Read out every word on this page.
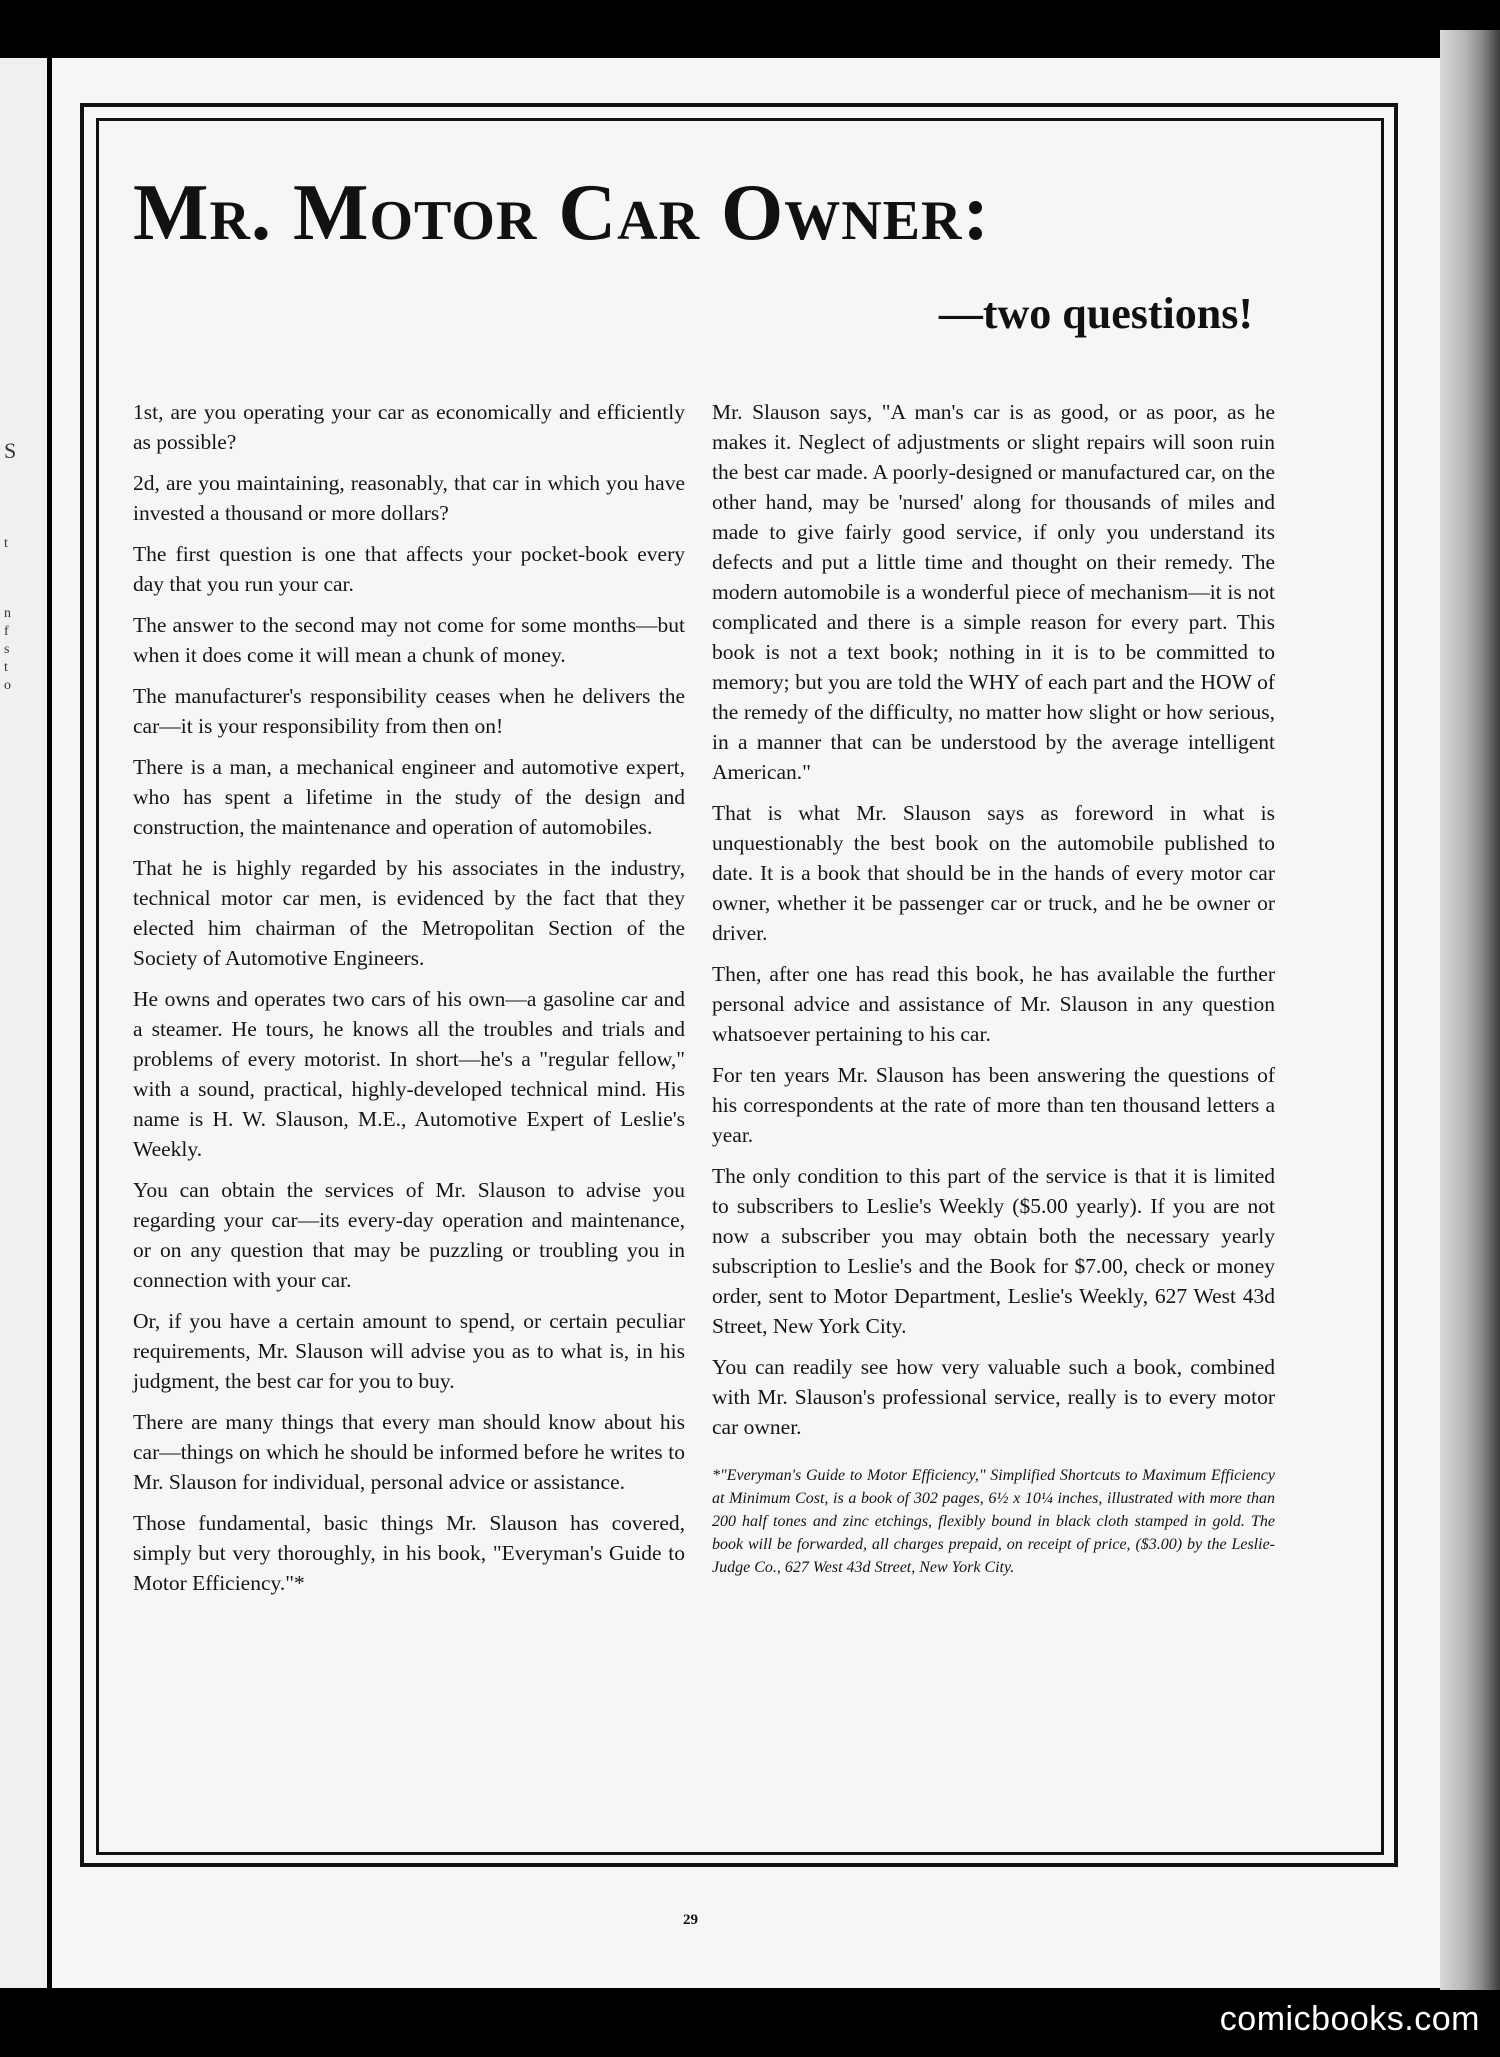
S
t
n
f
s
t
o
Mr. Motor Car Owner:
—two questions!

1st, are you operating your car as economically and efficiently as possible?

2d, are you maintaining, reasonably, that car in which you have invested a thousand or more dollars?

The first question is one that affects your pocket-book every day that you run your car.

The answer to the second may not come for some months—but when it does come it will mean a chunk of money.

The manufacturer's responsibility ceases when he delivers the car—it is your responsibility from then on!

There is a man, a mechanical engineer and automotive expert, who has spent a lifetime in the study of the design and construction, the maintenance and operation of automobiles.

That he is highly regarded by his associates in the industry, technical motor car men, is evidenced by the fact that they elected him chairman of the Metropolitan Section of the Society of Automotive Engineers.

He owns and operates two cars of his own—a gasoline car and a steamer. He tours, he knows all the troubles and trials and problems of every motorist. In short—he's a "regular fellow," with a sound, practical, highly-developed technical mind. His name is H. W. Slauson, M.E., Automotive Expert of Leslie's Weekly.

You can obtain the services of Mr. Slauson to advise you regarding your car—its every-day operation and maintenance, or on any question that may be puzzling or troubling you in connection with your car.

Or, if you have a certain amount to spend, or certain peculiar requirements, Mr. Slauson will advise you as to what is, in his judgment, the best car for you to buy.

There are many things that every man should know about his car—things on which he should be informed before he writes to Mr. Slauson for individual, personal advice or assistance.

Those fundamental, basic things Mr. Slauson has covered, simply but very thoroughly, in his book, "Everyman's Guide to Motor Efficiency."*

Mr. Slauson says, "A man's car is as good, or as poor, as he makes it. Neglect of adjustments or slight repairs will soon ruin the best car made. A poorly-designed or manufactured car, on the other hand, may be 'nursed' along for thousands of miles and made to give fairly good service, if only you understand its defects and put a little time and thought on their remedy. The modern automobile is a wonderful piece of mechanism—it is not complicated and there is a simple reason for every part. This book is not a text book; nothing in it is to be committed to memory; but you are told the WHY of each part and the HOW of the remedy of the difficulty, no matter how slight or how serious, in a manner that can be understood by the average intelligent American."

That is what Mr. Slauson says as foreword in what is unquestionably the best book on the automobile published to date. It is a book that should be in the hands of every motor car owner, whether it be passenger car or truck, and he be owner or driver.

Then, after one has read this book, he has available the further personal advice and assistance of Mr. Slauson in any question whatsoever pertaining to his car.

For ten years Mr. Slauson has been answering the questions of his correspondents at the rate of more than ten thousand letters a year.

The only condition to this part of the service is that it is limited to subscribers to Leslie's Weekly ($5.00 yearly). If you are not now a subscriber you may obtain both the necessary yearly subscription to Leslie's and the Book for $7.00, check or money order, sent to Motor Department, Leslie's Weekly, 627 West 43d Street, New York City.

You can readily see how very valuable such a book, combined with Mr. Slauson's professional service, really is to every motor car owner.

*"Everyman's Guide to Motor Efficiency," Simplified Shortcuts to Maximum Efficiency at Minimum Cost, is a book of 302 pages, 6½ x 10¼ inches, illustrated with more than 200 half tones and zinc etchings, flexibly bound in black cloth stamped in gold. The book will be forwarded, all charges prepaid, on receipt of price, ($3.00) by the Leslie-Judge Co., 627 West 43d Street, New York City.

29
comicbooks.com
